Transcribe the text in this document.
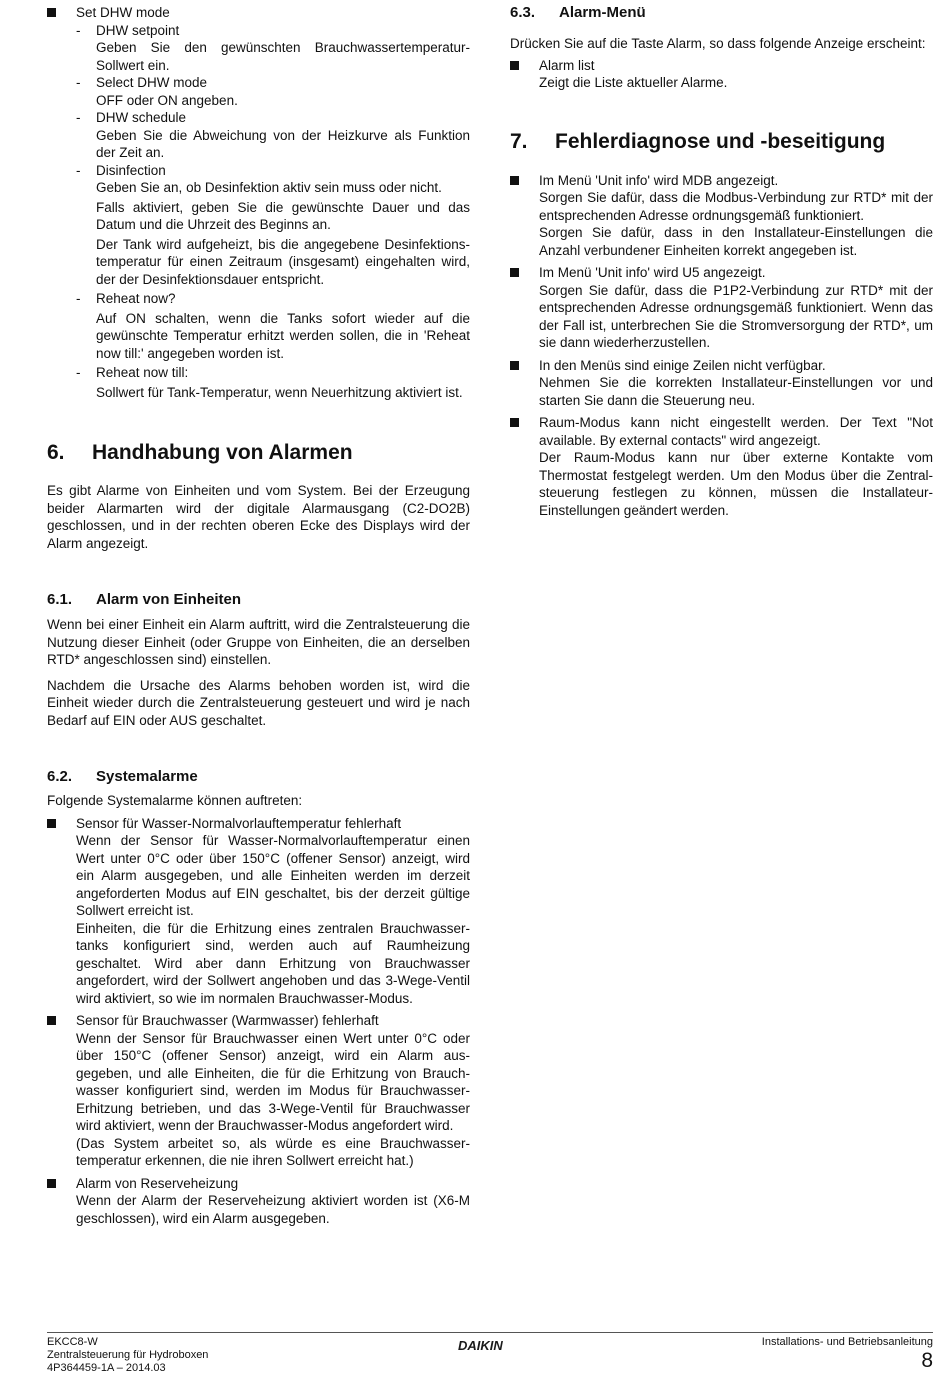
Set DHW mode

- DHW setpoint

Geben Sie den gewünschten Brauchwassertemperatur-Sollwert ein.

- Select DHW mode

OFF oder ON angeben.

- DHW schedule

Geben Sie die Abweichung von der Heizkurve als Funktion der Zeit an.

- Disinfection

Geben Sie an, ob Desinfektion aktiv sein muss oder nicht.

Falls aktiviert, geben Sie die gewünschte Dauer und das Datum und die Uhrzeit des Beginns an.

Der Tank wird aufgeheizt, bis die angegebene Desinfektions-temperatur für einen Zeitraum (insgesamt) eingehalten wird, der der Desinfektionsdauer entspricht.

- Reheat now?

Auf ON schalten, wenn die Tanks sofort wieder auf die gewünschte Temperatur erhitzt werden sollen, die in 'Reheat now till:' angegeben worden ist.

- Reheat now till:

Sollwert für Tank-Temperatur, wenn Neuerhitzung aktiviert ist.

6.	Handhabung von Alarmen

Es gibt Alarme von Einheiten und vom System. Bei der Erzeugung beider Alarmarten wird der digitale Alarmausgang (C2-DO2B) geschlossen, und in der rechten oberen Ecke des Displays wird der Alarm angezeigt.

6.1.	Alarm von Einheiten

Wenn bei einer Einheit ein Alarm auftritt, wird die Zentralsteuerung die Nutzung dieser Einheit (oder Gruppe von Einheiten, die an derselben RTD* angeschlossen sind) einstellen.

Nachdem die Ursache des Alarms behoben worden ist, wird die Einheit wieder durch die Zentralsteuerung gesteuert und wird je nach Bedarf auf EIN oder AUS geschaltet.

6.2.	Systemalarme

Folgende Systemalarme können auftreten:

Sensor für Wasser-Normalvorlauftemperatur fehlerhaft

Wenn der Sensor für Wasser-Normalvorlauftemperatur einen Wert unter 0°C oder über 150°C (offener Sensor) anzeigt, wird ein Alarm ausgegeben, und alle Einheiten werden im derzeit angeforderten Modus auf EIN geschaltet, bis der derzeit gültige Sollwert erreicht ist.

Einheiten, die für die Erhitzung eines zentralen Brauchwasser-tanks konfiguriert sind, werden auch auf Raumheizung geschaltet. Wird aber dann Erhitzung von Brauchwasser angefordert, wird der Sollwert angehoben und das 3-Wege-Ventil wird aktiviert, so wie im normalen Brauchwasser-Modus.

Sensor für Brauchwasser (Warmwasser) fehlerhaft

Wenn der Sensor für Brauchwasser einen Wert unter 0°C oder über 150°C (offener Sensor) anzeigt, wird ein Alarm aus-gegeben, und alle Einheiten, die für die Erhitzung von Brauch-wasser konfiguriert sind, werden im Modus für Brauchwasser-Erhitzung betrieben, und das 3-Wege-Ventil für Brauchwasser wird aktiviert, wenn der Brauchwasser-Modus angefordert wird.

(Das System arbeitet so, als würde es eine Brauchwasser-temperatur erkennen, die nie ihren Sollwert erreicht hat.)

Alarm von Reserveheizung

Wenn der Alarm der Reserveheizung aktiviert worden ist (X6-M geschlossen), wird ein Alarm ausgegeben.

6.3.	Alarm-Menü

Drücken Sie auf die Taste Alarm, so dass folgende Anzeige erscheint:

Alarm list

Zeigt die Liste aktueller Alarme.

7.	Fehlerdiagnose und -beseitigung

Im Menü 'Unit info' wird MDB angezeigt.

Sorgen Sie dafür, dass die Modbus-Verbindung zur RTD* mit der entsprechenden Adresse ordnungsgemäß funktioniert.

Sorgen Sie dafür, dass in den Installateur-Einstellungen die Anzahl verbundener Einheiten korrekt angegeben ist.

Im Menü 'Unit info' wird U5 angezeigt.

Sorgen Sie dafür, dass die P1P2-Verbindung zur RTD* mit der entsprechenden Adresse ordnungsgemäß funktioniert. Wenn das der Fall ist, unterbrechen Sie die Stromversorgung der RTD*, um sie dann wiederherzustellen.

In den Menüs sind einige Zeilen nicht verfügbar.

Nehmen Sie die korrekten Installateur-Einstellungen vor und starten Sie dann die Steuerung neu.

Raum-Modus kann nicht eingestellt werden. Der Text "Not available. By external contacts" wird angezeigt.

Der Raum-Modus kann nur über externe Kontakte vom Thermostat festgelegt werden. Um den Modus über die Zentral-steuerung festlegen zu können, müssen die Installateur-Einstellungen geändert werden.

EKCC8-W
Zentralsteuerung für Hydroboxen
4P364459-1A – 2014.03
DAIKIN	Installations- und Betriebsanleitung
8
